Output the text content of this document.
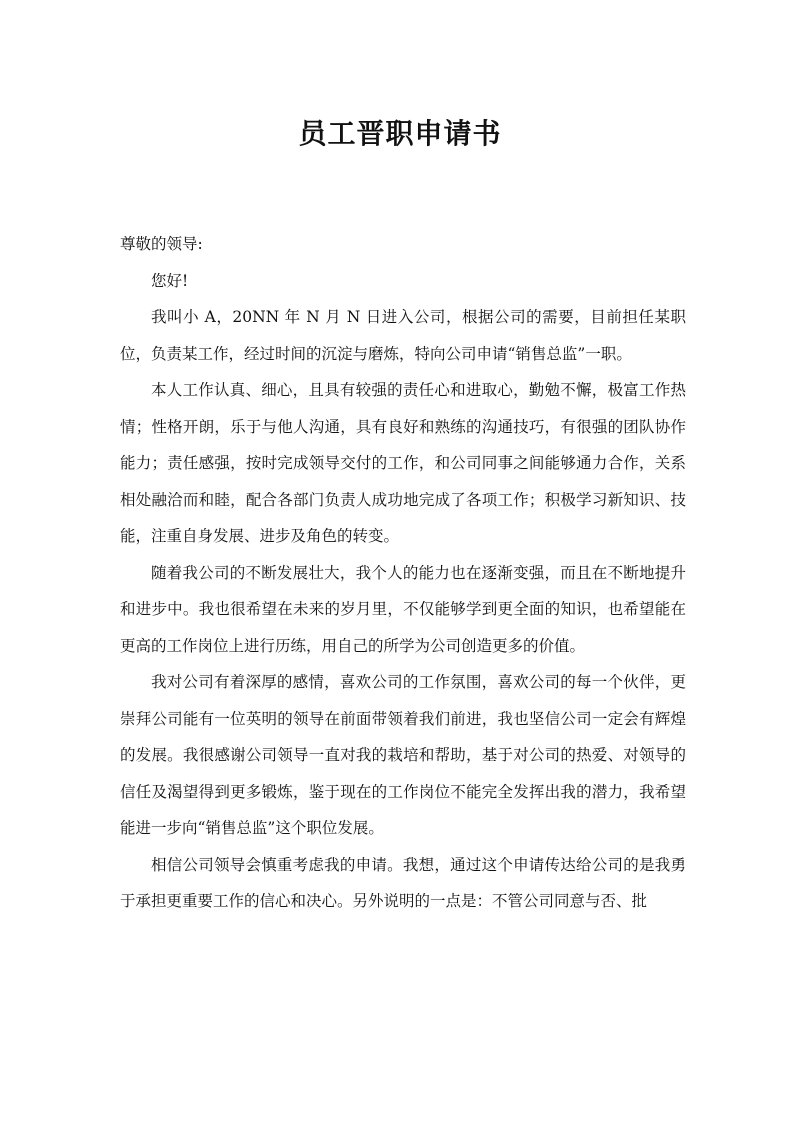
员工晋职申请书

尊敬的领导:

您好!

我叫小 A，20NN 年 N 月 N 日进入公司，根据公司的需要，目前担任某职位，负责某工作，经过时间的沉淀与磨炼，特向公司申请“销售总监”一职。

本人工作认真、细心，且具有较强的责任心和进取心，勤勉不懈，极富工作热情；性格开朗，乐于与他人沟通，具有良好和熟练的沟通技巧，有很强的团队协作能力；责任感强，按时完成领导交付的工作，和公司同事之间能够通力合作，关系相处融洽而和睦，配合各部门负责人成功地完成了各项工作；积极学习新知识、技能，注重自身发展、进步及角色的转变。

随着我公司的不断发展壮大，我个人的能力也在逐渐变强，而且在不断地提升和进步中。我也很希望在未来的岁月里，不仅能够学到更全面的知识，也希望能在更高的工作岗位上进行历练，用自己的所学为公司创造更多的价值。

我对公司有着深厚的感情，喜欢公司的工作氛围，喜欢公司的每一个伙伴，更崇拜公司能有一位英明的领导在前面带领着我们前进，我也坚信公司一定会有辉煌的发展。我很感谢公司领导一直对我的栽培和帮助，基于对公司的热爱、对领导的信任及渴望得到更多锻炼，鉴于现在的工作岗位不能完全发挥出我的潜力，我希望能进一步向“销售总监”这个职位发展。

相信公司领导会慎重考虑我的申请。我想，通过这个申请传达给公司的是我勇于承担更重要工作的信心和决心。另外说明的一点是：不管公司同意与否、批
